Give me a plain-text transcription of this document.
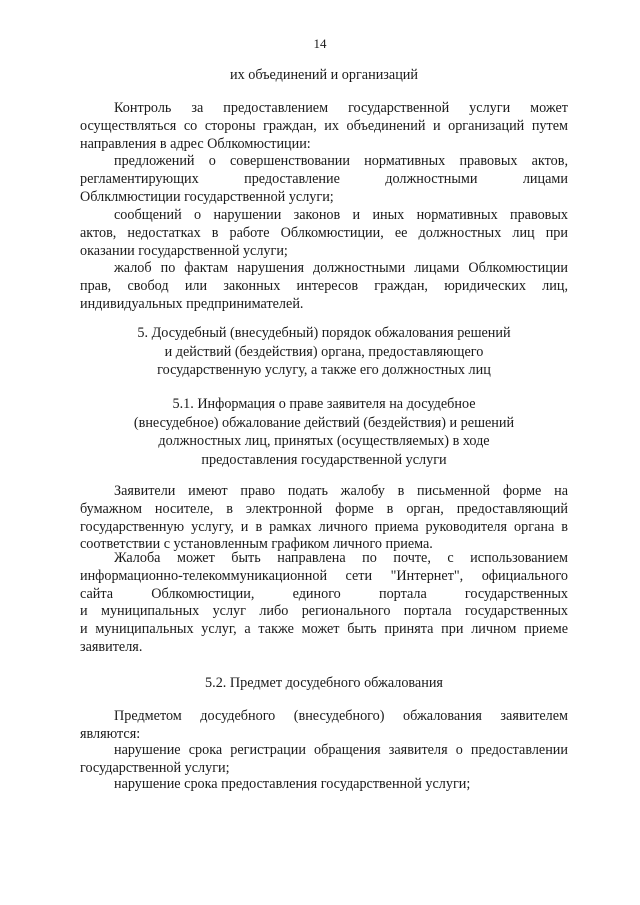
14

их объединений и организаций

Контроль за предоставлением государственной услуги может
осуществляться со стороны граждан, их объединений и организаций путем
направления в адрес Облкомюстиции:
предложений о совершенствовании нормативных правовых актов,
регламентирующих предоставление должностными лицами
Облклмюстиции государственной услуги;
сообщений о нарушении законов и иных нормативных правовых
актов, недостатках в работе Облкомюстиции, ее должностных лиц при
оказании государственной услуги;
жалоб по фактам нарушения должностными лицами Облкомюстиции
прав, свобод или законных интересов граждан, юридических лиц,
индивидуальных предпринимателей.
5. Досудебный (внесудебный) порядок обжалования решений
и действий (бездействия) органа, предоставляющего
государственную услугу, а также его должностных лиц
5.1. Информация о праве заявителя на досудебное
(внесудебное) обжалование действий (бездействия) и решений
должностных лиц, принятых (осуществляемых) в ходе
предоставления государственной услуги
Заявители имеют право подать жалобу в письменной форме на
бумажном носителе, в электронной форме в орган, предоставляющий
государственную услугу, и в рамках личного приема руководителя органа в
соответствии с установленным графиком личного приема.
Жалоба может быть направлена по почте, с использованием
информационно-телекоммуникационной сети "Интернет", официального
сайта Облкомюстиции, единого портала государственных
и муниципальных услуг либо регионального портала государственных
и муниципальных услуг, а также может быть принята при личном приеме
заявителя.

5.2. Предмет досудебного обжалования

Предметом досудебного (внесудебного) обжалования заявителем
являются:
нарушение срока регистрации обращения заявителя о предоставлении
государственной услуги;
нарушение срока предоставления государственной услуги;
